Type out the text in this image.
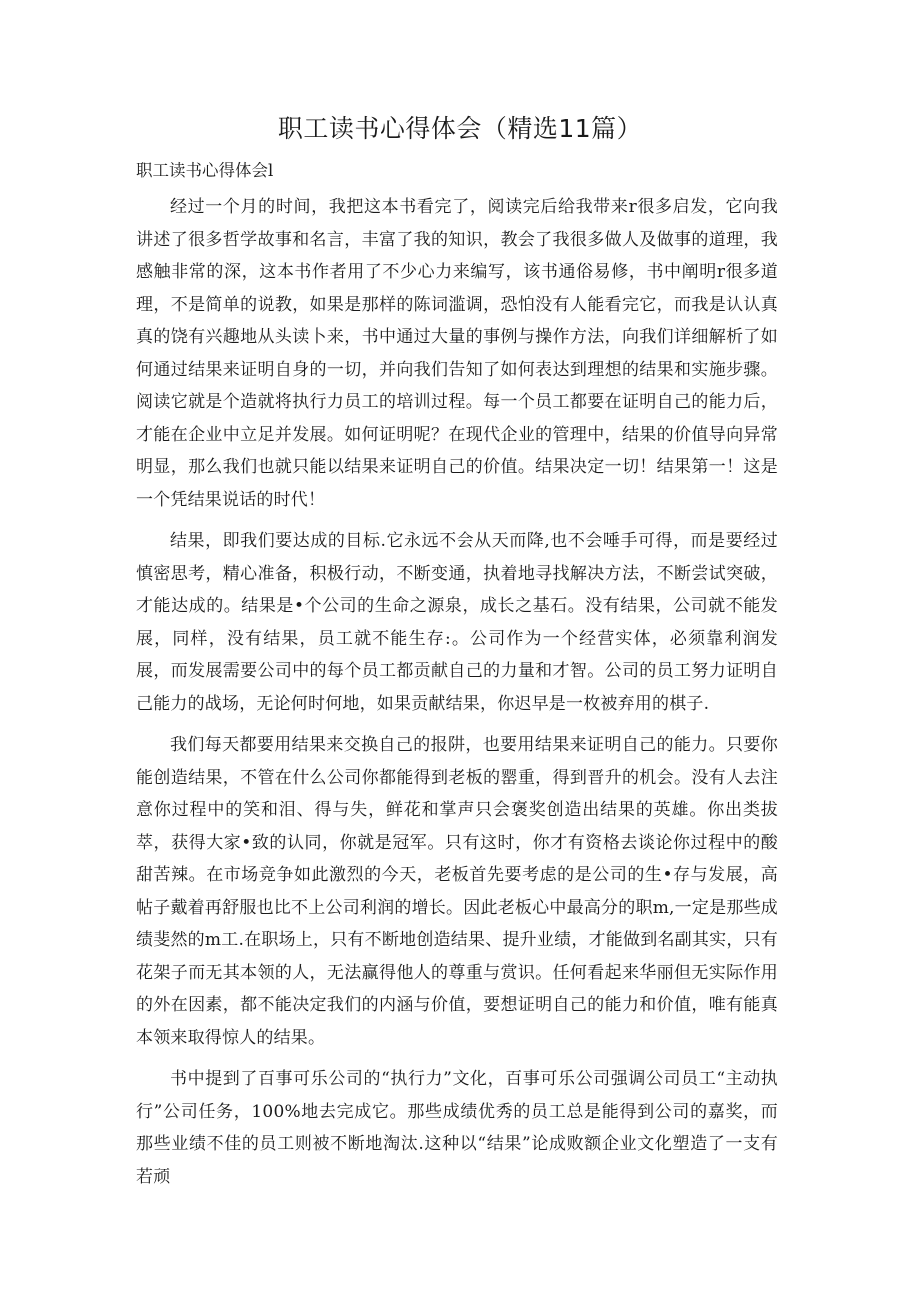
职工读书心得体会（精选11篇）

职工读书心得体会l

经过一个月的时间，我把这本书看完了，阅读完后给我带来r很多启发，它向我讲述了很多哲学故事和名言，丰富了我的知识，教会了我很多做人及做事的道理，我感触非常的深，这本书作者用了不少心力来编写，该书通俗易修，书中阐明r很多道理，不是简单的说教，如果是那样的陈词滥调，恐怕没有人能看完它，而我是认认真真的饶有兴趣地从头读卜来，书中通过大量的事例与操作方法，向我们详细解析了如何通过结果来证明自身的一切，并向我们告知了如何表达到理想的结果和实施步骤。阅读它就是个造就将执行力员工的培训过程。每一个员工都要在证明自己的能力后，才能在企业中立足并发展。如何证明呢？在现代企业的管理中，结果的价值导向异常明显，那么我们也就只能以结果来证明自己的价值。结果决定一切！结果第一！这是一个凭结果说话的时代！

结果，即我们要达成的目标.它永远不会从天而降,也不会唾手可得，而是要经过慎密思考，精心准备，积极行动，不断变通，执着地寻找解决方法，不断尝试突破，才能达成的。结果是•个公司的生命之源泉，成长之基石。没有结果，公司就不能发展，同样，没有结果，员工就不能生存:。公司作为一个经营实体，必须靠利润发展，而发展需要公司中的每个员工都贡献自己的力量和才智。公司的员工努力证明自己能力的战场，无论何时何地，如果贡献结果，你迟早是一枚被弃用的棋子.

我们每天都要用结果来交换自己的报阱，也要用结果来证明自己的能力。只要你能创造结果，不管在什么公司你都能得到老板的罂重，得到晋升的机会。没有人去注意你过程中的笑和泪、得与失，鲜花和掌声只会褒奖创造出结果的英雄。你出类拔萃，获得大家•致的认同，你就是冠军。只有这时，你才有资格去谈论你过程中的酸甜苦辣。在市场竞争如此激烈的今天，老板首先要考虑的是公司的生•存与发展，高帖子戴着再舒服也比不上公司利润的增长。因此老板心中最高分的职m,一定是那些成绩斐然的m工.在职场上，只有不断地创造结果、提升业绩，才能做到名副其实，只有花架子而无其本领的人，无法赢得他人的尊重与赏识。任何看起来华丽但无实际作用的外在因素，都不能决定我们的内涵与价值，要想证明自己的能力和价值，唯有能真本领来取得惊人的结果。

书中提到了百事可乐公司的“执行力”文化，百事可乐公司强调公司员工“主动执行”公司任务，100%地去完成它。那些成绩优秀的员工总是能得到公司的嘉奖，而那些业绩不佳的员工则被不断地淘汰.这种以“结果”论成败额企业文化塑造了一支有若顽
